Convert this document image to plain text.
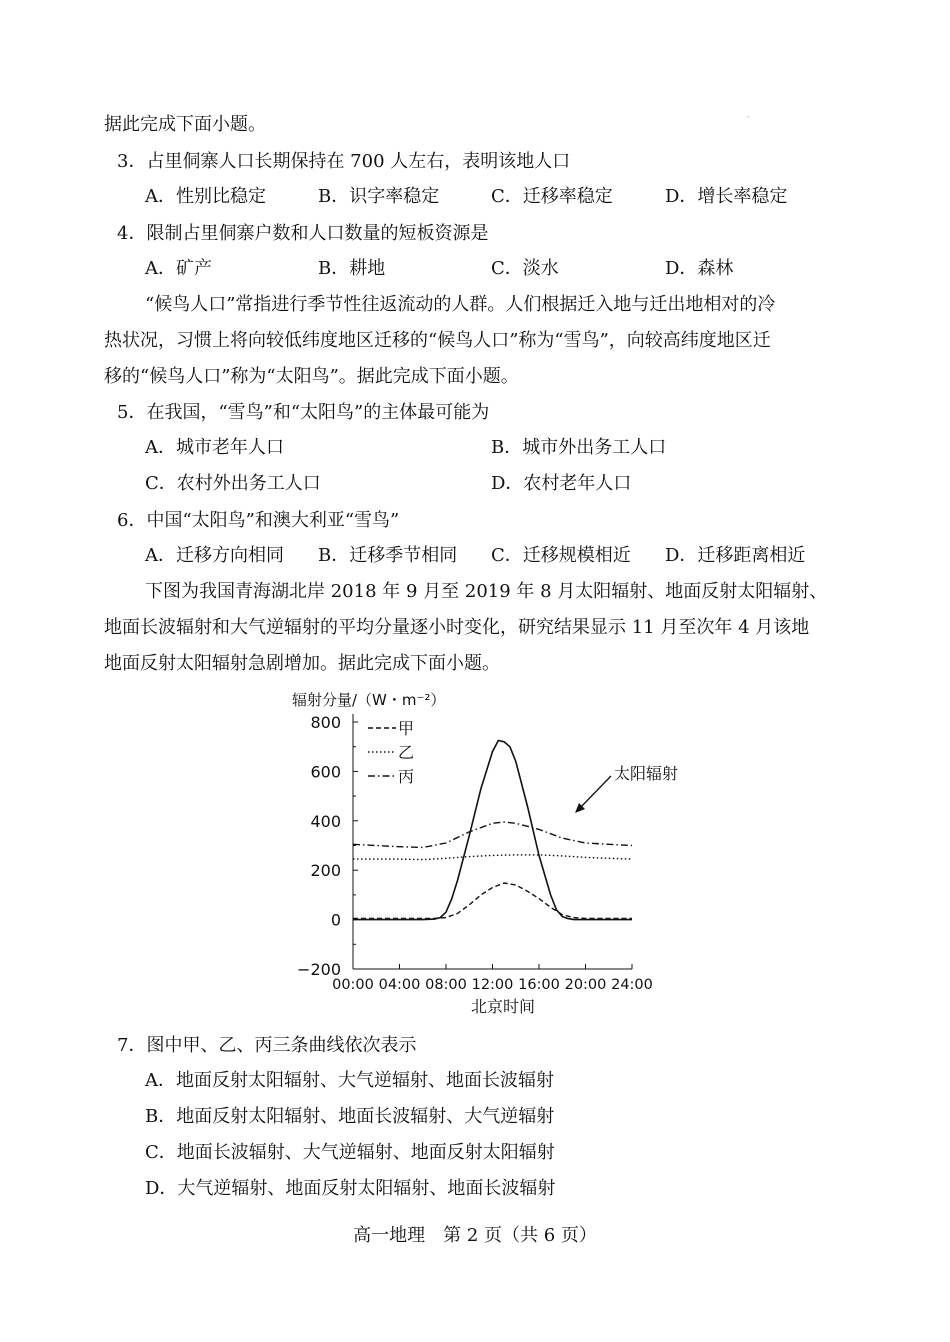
-
据此完成下面小题。
3．占里侗寨人口长期保持在 700 人左右，表明该地人口
A．性别比稳定	B．识字率稳定	C．迁移率稳定	D．增长率稳定
4．限制占里侗寨户数和人口数量的短板资源是
A．矿产	B．耕地	C．淡水	D．森林
“候鸟人口”常指进行季节性往返流动的人群。人们根据迁入地与迁出地相对的冷
热状况，习惯上将向较低纬度地区迁移的“候鸟人口”称为“雪鸟”，向较高纬度地区迁
移的“候鸟人口”称为“太阳鸟”。据此完成下面小题。
5．在我国，“雪鸟”和“太阳鸟”的主体最可能为
A．城市老年人口	B．城市外出务工人口
C．农村外出务工人口	D．农村老年人口
6．中国“太阳鸟”和澳大利亚“雪鸟”
A．迁移方向相同 B．迁移季节相同 C．迁移规模相近 D．迁移距离相近
下图为我国青海湖北岸 2018 年 9 月至 2019 年 8 月太阳辐射、地面反射太阳辐射、
地面长波辐射和大气逆辐射的平均分量逐小时变化，研究结果显示 11 月至次年 4 月该地
地面反射太阳辐射急剧增加。据此完成下面小题。
辐射分量/（W・m⁻²）
北京时间
太阳辐射
800
600
400
200
0
−200
00:00 04:00 08:00 12:00 16:00 20:00 24:00
甲
乙
丙
7．图中甲、乙、丙三条曲线依次表示
A．地面反射太阳辐射、大气逆辐射、地面长波辐射
B．地面反射太阳辐射、地面长波辐射、大气逆辐射
C．地面长波辐射、大气逆辐射、地面反射太阳辐射
D．大气逆辐射、地面反射太阳辐射、地面长波辐射
高一地理　第 2 页（共 6 页）
